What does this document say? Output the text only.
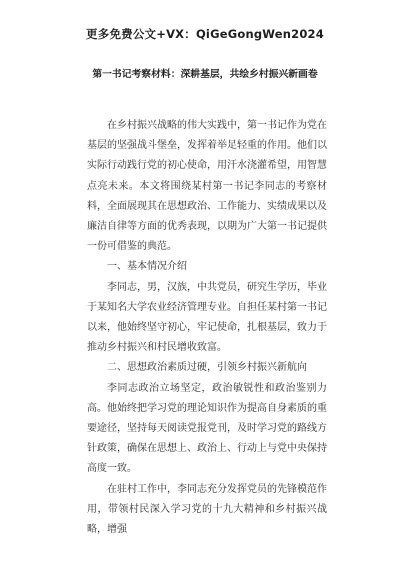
更多免费公文+VX：QiGeGongWen2024
第一书记考察材料：深耕基层，共绘乡村振兴新画卷

在乡村振兴战略的伟大实践中，第一书记作为党在基层的坚强战斗堡垒，发挥着举足轻重的作用。他们以实际行动践行党的初心使命，用汗水浇灌希望，用智慧点亮未来。本文将围绕某村第一书记李同志的考察材料，全面展现其在思想政治、工作能力、实绩成果以及廉洁自律等方面的优秀表现，以期为广大第一书记提供一份可借鉴的典范。

一、基本情况介绍

李同志，男，汉族，中共党员，研究生学历，毕业于某知名大学农业经济管理专业。自担任某村第一书记以来，他始终坚守初心，牢记使命，扎根基层，致力于推动乡村振兴和村民增收致富。

二、思想政治素质过硬，引领乡村振兴新航向

李同志政治立场坚定，政治敏锐性和政治鉴别力高。他始终把学习党的理论知识作为提高自身素质的重要途径，坚持每天阅读党报党刊，及时学习党的路线方针政策，确保在思想上、政治上、行动上与党中央保持高度一致。

在驻村工作中，李同志充分发挥党员的先锋模范作用，带领村民深入学习党的十九大精神和乡村振兴战略，增强
